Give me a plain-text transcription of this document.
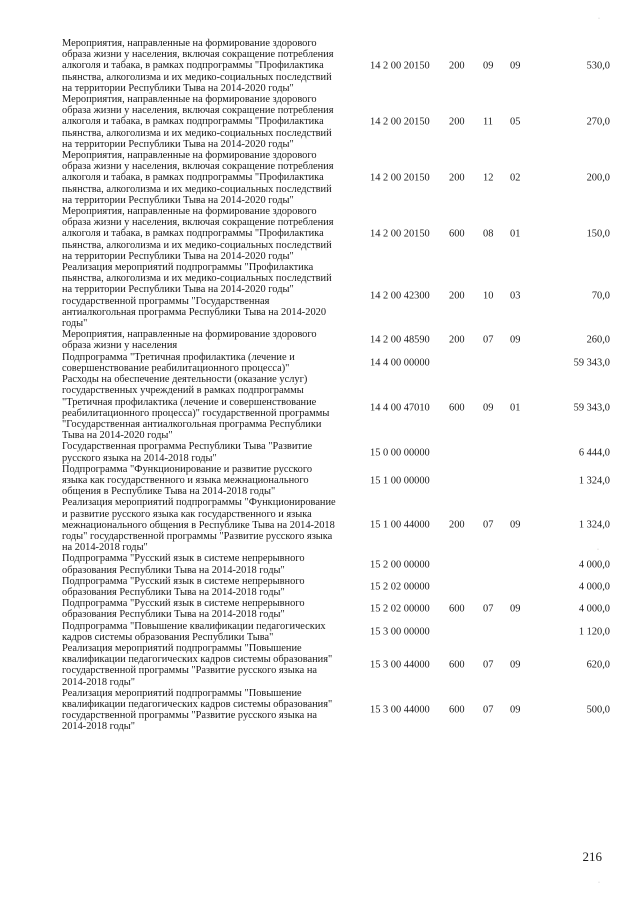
Мероприятия, направленные на формирование здорового
образа жизни у населения, включая сокращение потребления
алкоголя и табака, в рамках подпрограммы "Профилактика
пьянства, алкоголизма и их медико-социальных последствий
на территории Республики Тыва на 2014-2020 годы"
14 2 00 20150 200 09 09	530,0
Мероприятия, направленные на формирование здорового
образа жизни у населения, включая сокращение потребления
алкоголя и табака, в рамках подпрограммы "Профилактика
пьянства, алкоголизма и их медико-социальных последствий
на территории Республики Тыва на 2014-2020 годы"
14 2 00 20150 200 11 05	270,0
Мероприятия, направленные на формирование здорового
образа жизни у населения, включая сокращение потребления
алкоголя и табака, в рамках подпрограммы "Профилактика
пьянства, алкоголизма и их медико-социальных последствий
на территории Республики Тыва на 2014-2020 годы"
14 2 00 20150 200 12 02	200,0
Мероприятия, направленные на формирование здорового
образа жизни у населения, включая сокращение потребления
алкоголя и табака, в рамках подпрограммы "Профилактика
пьянства, алкоголизма и их медико-социальных последствий
на территории Республики Тыва на 2014-2020 годы"
14 2 00 20150 600 08 01	150,0
Реализация мероприятий подпрограммы "Профилактика
пьянства, алкоголизма и их медико-социальных последствий
на территории Республики Тыва на 2014-2020 годы"
государственной программы "Государственная
антиалкогольная программа Республики Тыва на 2014-2020
годы"
14 2 00 42300 200 10 03	70,0
Мероприятия, направленные на формирование здорового
образа жизни у населения
14 2 00 48590 200 07 09	260,0
Подпрограмма "Третичная профилактика (лечение и
совершенствование реабилитационного процесса)"
14 4 00 00000	59 343,0
Расходы на обеспечение деятельности (оказание услуг)
государственных учреждений в рамках подпрограммы
"Третичная профилактика (лечение и совершенствование
реабилитационного процесса)" государственной программы
"Государственная антиалкогольная программа Республики
Тыва на 2014-2020 годы"
14 4 00 47010 600 09 01	59 343,0
Государственная программа Республики Тыва "Развитие
русского языка на 2014-2018 годы"
15 0 00 00000	6 444,0
Подпрограмма "Функционирование и развитие русского
языка как государственного и языка межнационального
общения в Республике Тыва на 2014-2018 годы"
15 1 00 00000	1 324,0
Реализация мероприятий подпрограммы "Функционирование
и развитие русского языка как государственного и языка
межнационального общения в Республике Тыва на 2014-2018
годы" государственной программы "Развитие русского языка
на 2014-2018 годы"
15 1 00 44000 200 07 09	1 324,0
Подпрограмма "Русский язык в системе непрерывного
образования Республики Тыва на 2014-2018 годы"
15 2 00 00000	4 000,0
Подпрограмма "Русский язык в системе непрерывного
образования Республики Тыва на 2014-2018 годы"
15 2 02 00000	4 000,0
Подпрограмма "Русский язык в системе непрерывного
образования Республики Тыва на 2014-2018 годы"
15 2 02 00000 600 07 09	4 000,0
Подпрограмма "Повышение квалификации педагогических
кадров системы образования Республики Тыва"
15 3 00 00000	1 120,0
Реализация мероприятий подпрограммы "Повышение
квалификации педагогических кадров системы образования"
государственной программы "Развитие русского языка на
2014-2018 годы"
15 3 00 44000 600 07 09	620,0
Реализация мероприятий подпрограммы "Повышение
квалификации педагогических кадров системы образования"
государственной программы "Развитие русского языка на
2014-2018 годы"
15 3 00 44000 600 07 09	500,0
216
·
·
·
